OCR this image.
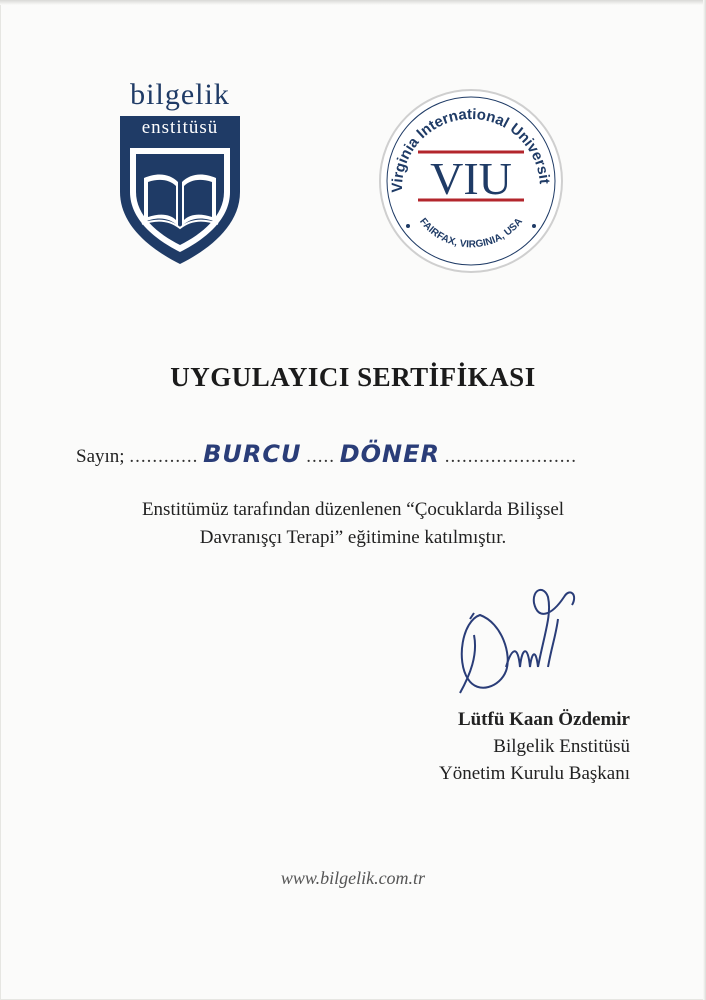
bilgelik
enstitüsü
Virginia International Universit
FAIRFAX, VIRGINIA, USA
VIU
UYGULAYICI SERTİFİKASI
Sayın; ............ BURCU ..... DÖNER .......................
Enstitümüz tarafından düzenlenen “Çocuklarda Bilişsel
Davranışçı Terapi” eğitimine katılmıştır.
Lütfü Kaan Özdemir
Bilgelik Enstitüsü
Yönetim Kurulu Başkanı
www.bilgelik.com.tr
